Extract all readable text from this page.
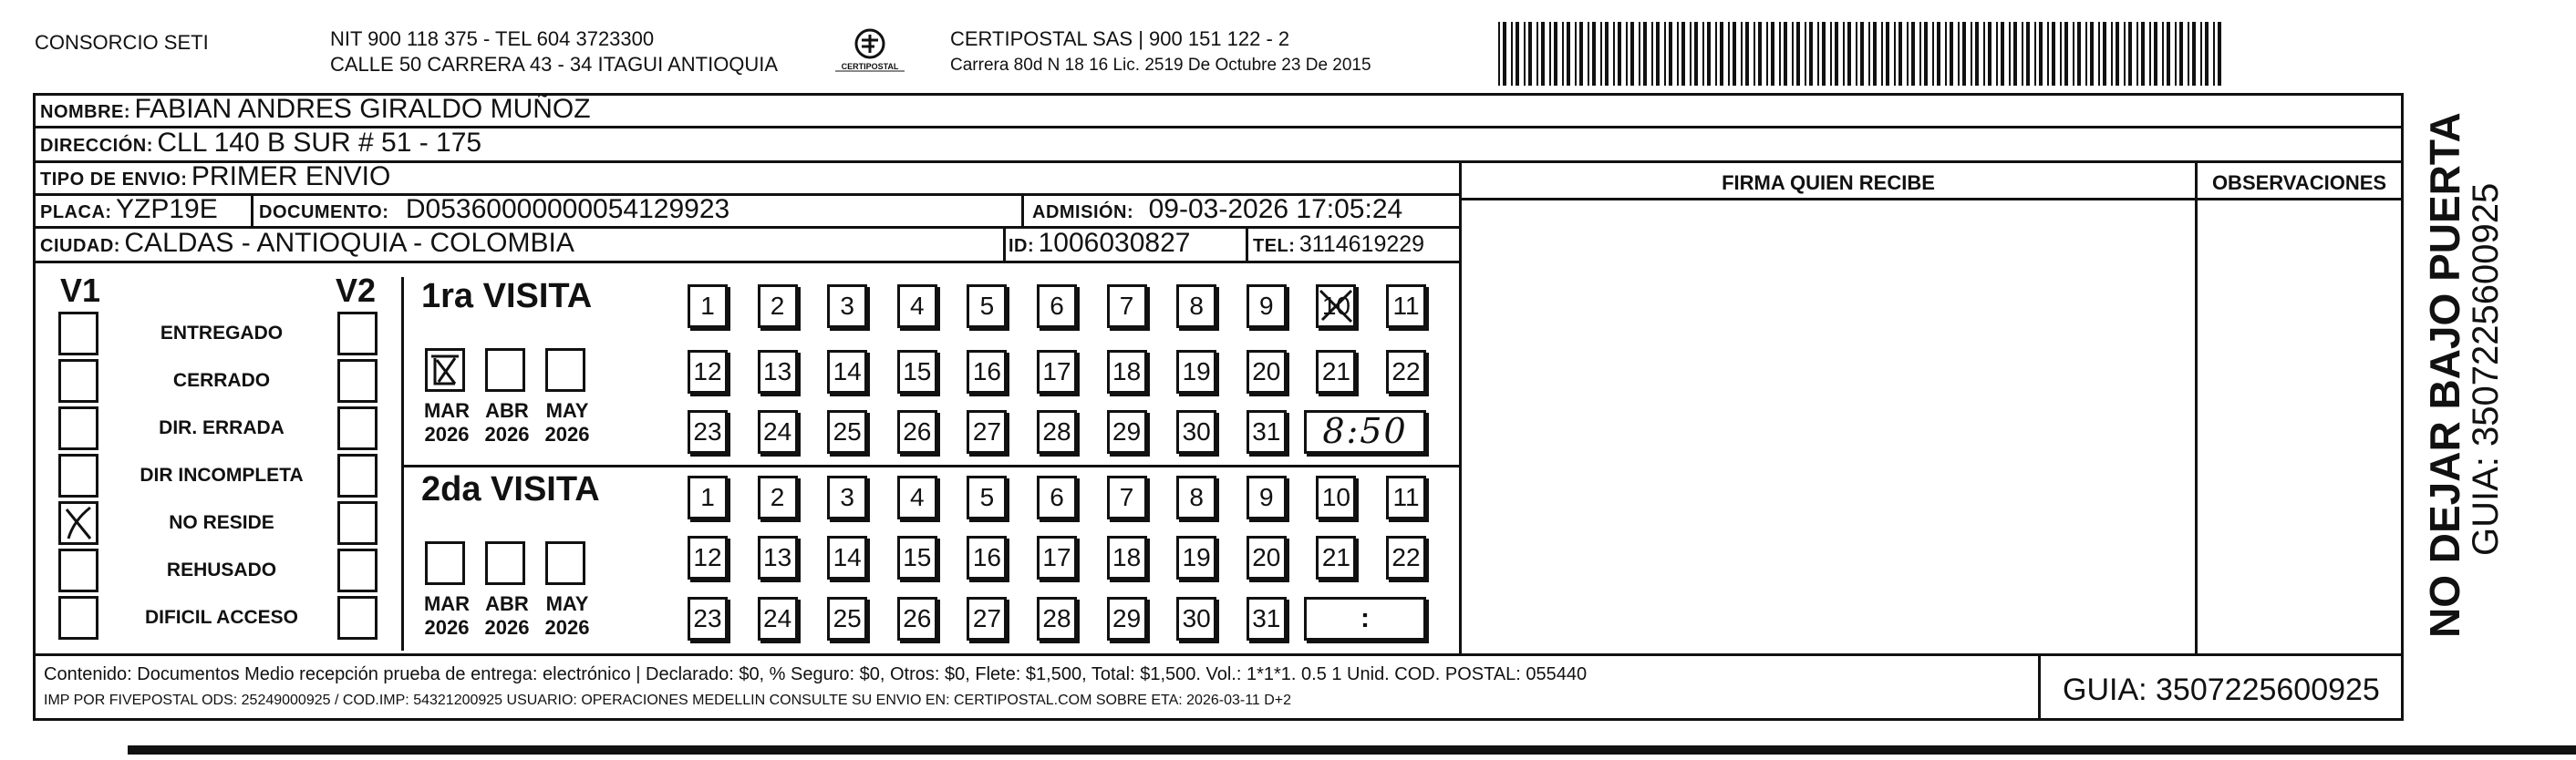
CONSORCIO SETI	NIT 900 118 375 - TEL 604 3723300
CALLE 50 CARRERA 43 - 34 ITAGUI ANTIOQUIA	CERTIPOSTAL
CERTIPOSTAL SAS | 900 151 122 - 2
Carrera 80d N 18 16 Lic. 2519 De Octubre 23 De 2015
NOMBRE: FABIAN ANDRES GIRALDO MUÑOZ
DIRECCIÓN: CLL 140 B SUR # 51 - 175
TIPO DE ENVIO: PRIMER ENVIO
PLACA: YZP19E DOCUMENTO: D05360000000054129923	ADMISIÓN: 09-03-2026 17:05:24
CIUDAD: CALDAS - ANTIOQUIA - COLOMBIA	ID: 1006030827	TEL: 3114619229
FIRMA QUIEN RECIBE	OBSERVACIONES
V1	V2
ENTREGADO
CERRADO
DIR. ERRADA
DIR INCOMPLETA
NO RESIDE
REHUSADO
DIFICIL ACCESO
1ra VISITA
2da VISITA
MAR
2026
ABR
2026
MAY
2026
MAR
2026
ABR
2026
MAY
2026
1	2	3	4	5	6	7	8	9	10 11
12 13 14 15 16 17 18 19 20 21 22
23 24 25 26 27 28 29 30 31
1	2	3	4	5	6	7	8	9	10 11
12 13 14 15 16 17 18 19 20 21 22
23 24 25 26 27 28 29 30 31
8:50
:
Contenido: Documentos Medio recepción prueba de entrega: electrónico | Declarado: $0, % Seguro: $0, Otros: $0, Flete: $1,500, Total: $1,500. Vol.: 1*1*1. 0.5 1 Unid. COD. POSTAL: 055440
IMP POR FIVEPOSTAL ODS: 25249000925 / COD.IMP: 54321200925 USUARIO: OPERACIONES MEDELLIN CONSULTE SU ENVIO EN: CERTIPOSTAL.COM SOBRE ETA: 2026-03-11 D+2	GUIA: 3507225600925
NO DEJAR BAJO PUERTA
GUIA: 3507225600925
